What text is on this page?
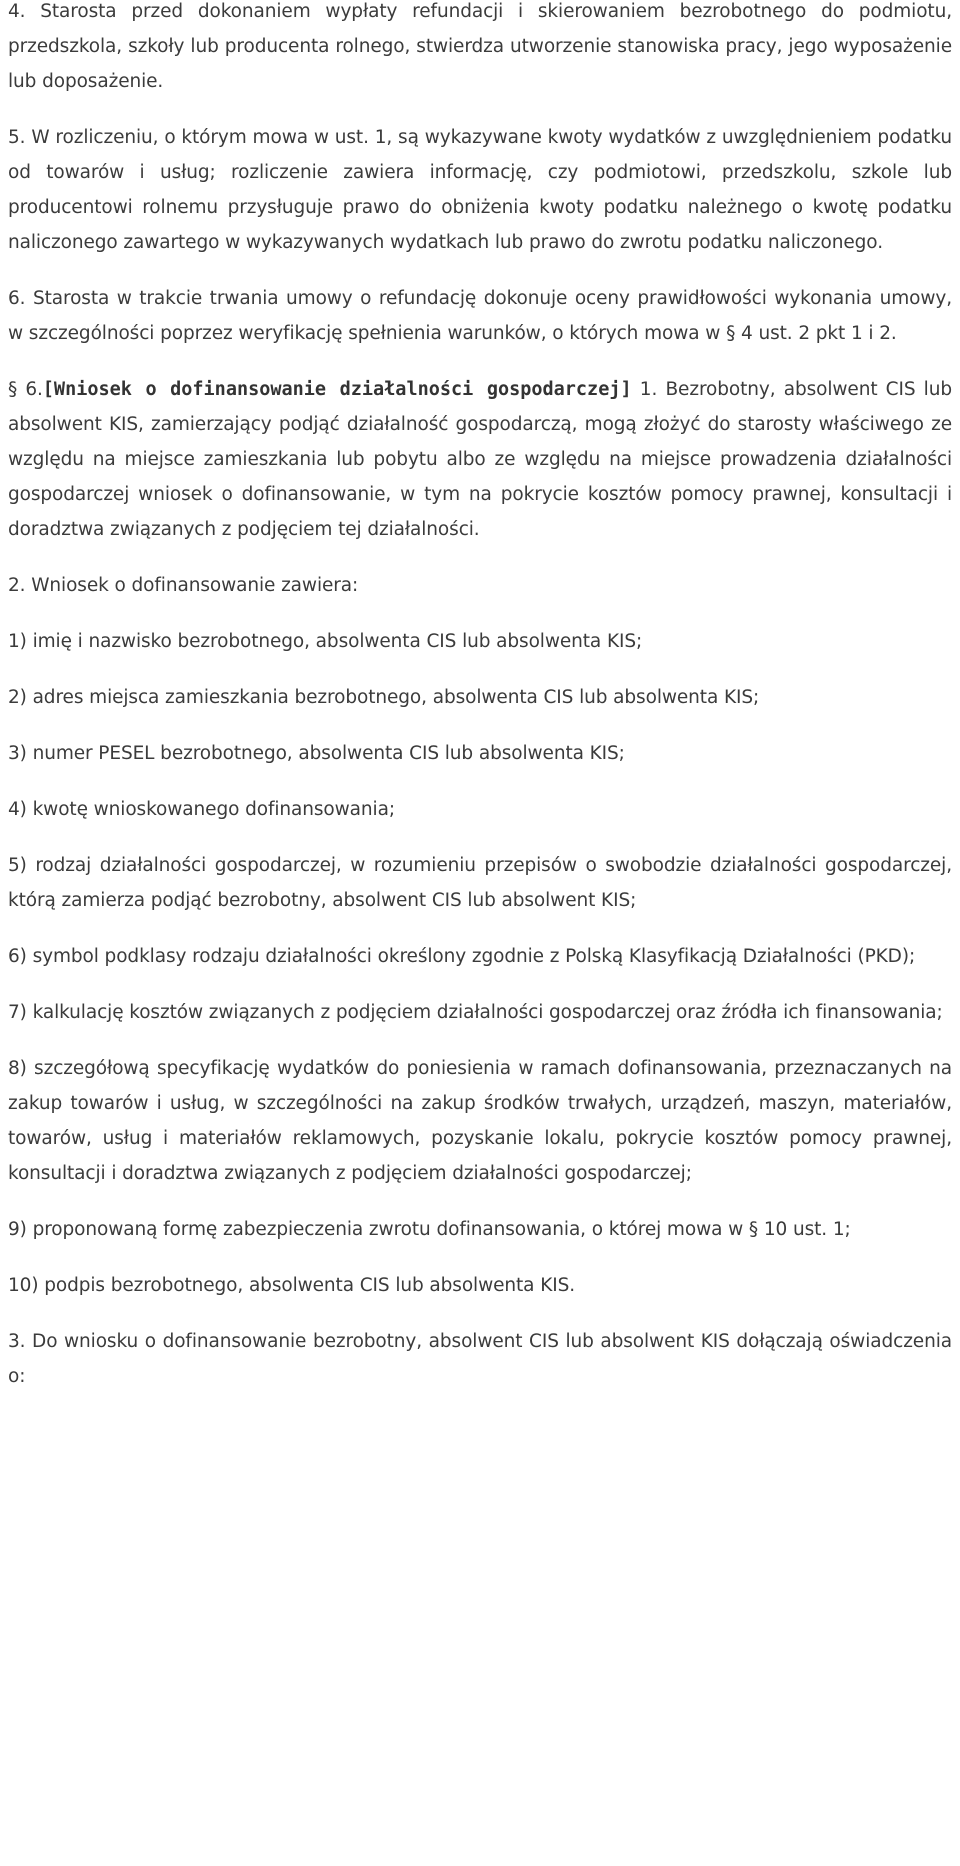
4. Starosta przed dokonaniem wypłaty refundacji i skierowaniem bezrobotnego do podmiotu, przedszkola, szkoły lub producenta rolnego, stwierdza utworzenie stanowiska pracy, jego wyposażenie lub doposażenie.

5. W rozliczeniu, o którym mowa w ust. 1, są wykazywane kwoty wydatków z uwzględnieniem podatku od towarów i usług; rozliczenie zawiera informację, czy podmiotowi, przedszkolu, szkole lub producentowi rolnemu przysługuje prawo do obniżenia kwoty podatku należnego o kwotę podatku naliczonego zawartego w wykazywanych wydatkach lub prawo do zwrotu podatku naliczonego.

6. Starosta w trakcie trwania umowy o refundację dokonuje oceny prawidłowości wykonania umowy, w szczególności poprzez weryfikację spełnienia warunków, o których mowa w § 4 ust. 2 pkt 1 i 2.

§ 6.[Wniosek o dofinansowanie działalności gospodarczej] 1. Bezrobotny, absolwent CIS lub absolwent KIS, zamierzający podjąć działalność gospodarczą, mogą złożyć do starosty właściwego ze względu na miejsce zamieszkania lub pobytu albo ze względu na miejsce prowadzenia działalności gospodarczej wniosek o dofinansowanie, w tym na pokrycie kosztów pomocy prawnej, konsultacji i doradztwa związanych z podjęciem tej działalności.

2. Wniosek o dofinansowanie zawiera:

1) imię i nazwisko bezrobotnego, absolwenta CIS lub absolwenta KIS;

2) adres miejsca zamieszkania bezrobotnego, absolwenta CIS lub absolwenta KIS;

3) numer PESEL bezrobotnego, absolwenta CIS lub absolwenta KIS;

4) kwotę wnioskowanego dofinansowania;

5) rodzaj działalności gospodarczej, w rozumieniu przepisów o swobodzie działalności gospodarczej, którą zamierza podjąć bezrobotny, absolwent CIS lub absolwent KIS;

6) symbol podklasy rodzaju działalności określony zgodnie z Polską Klasyfikacją Działalności (PKD);

7) kalkulację kosztów związanych z podjęciem działalności gospodarczej oraz źródła ich finansowania;

8) szczegółową specyfikację wydatków do poniesienia w ramach dofinansowania, przeznaczanych na zakup towarów i usług, w szczególności na zakup środków trwałych, urządzeń, maszyn, materiałów, towarów, usług i materiałów reklamowych, pozyskanie lokalu, pokrycie kosztów pomocy prawnej, konsultacji i doradztwa związanych z podjęciem działalności gospodarczej;

9) proponowaną formę zabezpieczenia zwrotu dofinansowania, o której mowa w § 10 ust. 1;

10) podpis bezrobotnego, absolwenta CIS lub absolwenta KIS.

3. Do wniosku o dofinansowanie bezrobotny, absolwent CIS lub absolwent KIS dołączają oświadczenia o:
